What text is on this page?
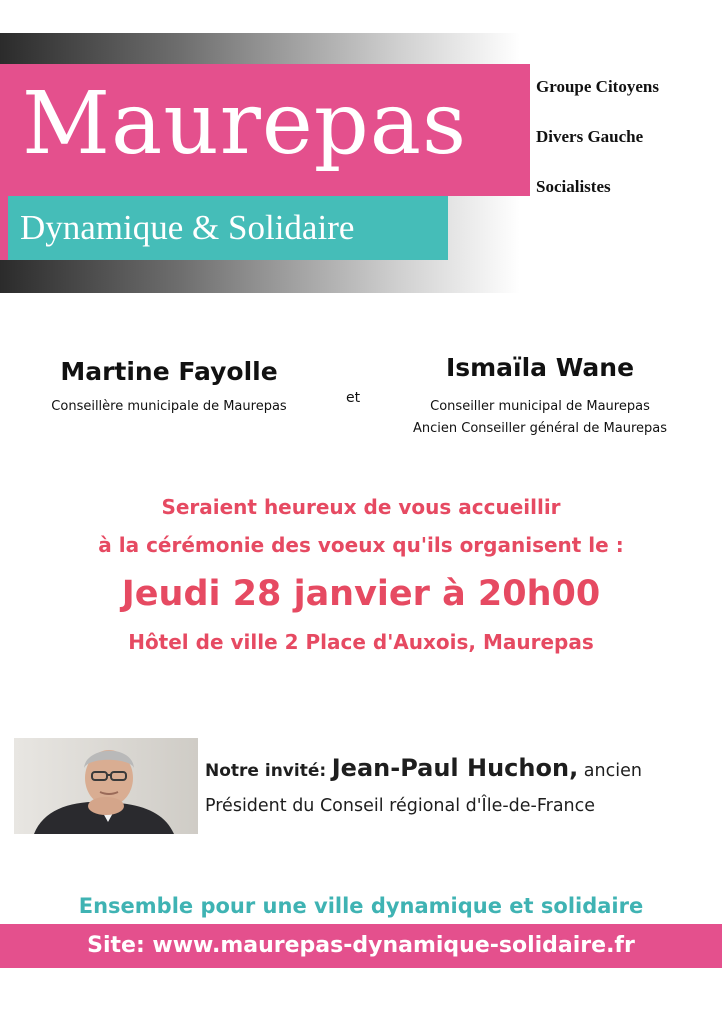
Maurepas
Dynamique & Solidaire
Groupe Citoyens
Divers Gauche
Socialistes
Martine Fayolle
Conseillère municipale de Maurepas
et
Ismaïla Wane
Conseiller municipal de Maurepas
Ancien Conseiller général de Maurepas
Seraient heureux de vous accueillir
à la cérémonie des voeux qu'ils organisent le :
Jeudi 28 janvier à 20h00
Hôtel de ville 2 Place d'Auxois, Maurepas
Notre invité: Jean-Paul Huchon, ancien
Président du Conseil régional d'Île-de-France
Ensemble pour une ville dynamique et solidaire
Site: www.maurepas-dynamique-solidaire.fr
